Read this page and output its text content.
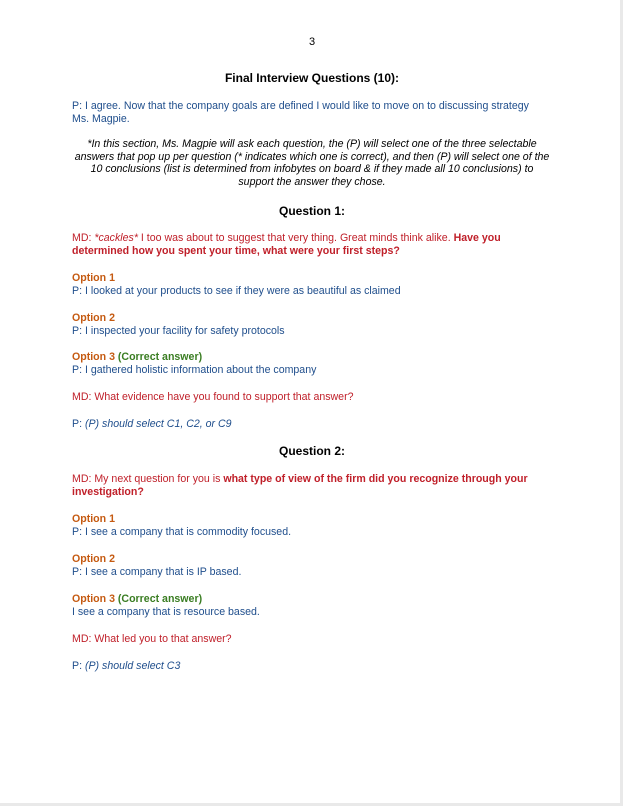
3
Final Interview Questions (10):
P: I agree. Now that the company goals are defined I would like to move on to discussing strategy Ms. Magpie.
*In this section, Ms. Magpie will ask each question, the (P) will select one of the three selectable answers that pop up per question (* indicates which one is correct), and then (P) will select one of the 10 conclusions (list is determined from infobytes on board & if they made all 10 conclusions) to support the answer they chose.
Question 1:
MD: *cackles* I too was about to suggest that very thing. Great minds think alike. Have you determined how you spent your time, what were your first steps?
Option 1
P: I looked at your products to see if they were as beautiful as claimed
Option 2
P: I inspected your facility for safety protocols
Option 3 (Correct answer)
P: I gathered holistic information about the company
MD: What evidence have you found to support that answer?
P: (P) should select C1, C2, or C9
Question 2:
MD: My next question for you is what type of view of the firm did you recognize through your investigation?
Option 1
P: I see a company that is commodity focused.
Option 2
P: I see a company that is IP based.
Option 3 (Correct answer)
I see a company that is resource based.
MD: What led you to that answer?
P: (P) should select C3
